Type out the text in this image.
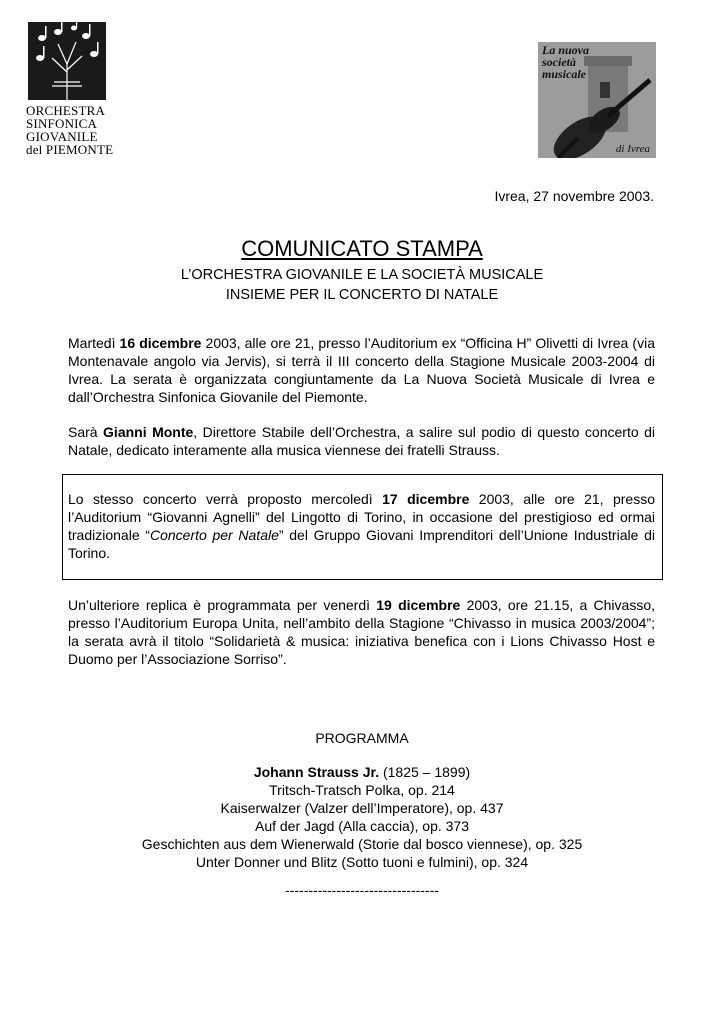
ORCHESTRA
SINFONICA
GIOVANILE
del PIEMONTE
La nuova
società
musicale
di Ivrea
Ivrea, 27 novembre 2003.
COMUNICATO STAMPA
L’ORCHESTRA GIOVANILE E LA SOCIETÀ MUSICALE
INSIEME PER IL CONCERTO DI NATALE
Martedì 16 dicembre 2003, alle ore 21, presso l’Auditorium ex “Officina H” Olivetti di Ivrea (via Montenavale angolo via Jervis), si terrà il III concerto della Stagione Musicale 2003-2004 di Ivrea. La serata è organizzata congiuntamente da La Nuova Società Musicale di Ivrea e dall’Orchestra Sinfonica Giovanile del Piemonte.
Sarà Gianni Monte, Direttore Stabile dell’Orchestra, a salire sul podio di questo concerto di Natale, dedicato interamente alla musica viennese dei fratelli Strauss.
Lo stesso concerto verrà proposto mercoledì 17 dicembre 2003, alle ore 21, presso l’Auditorium “Giovanni Agnelli” del Lingotto di Torino, in occasione del prestigioso ed ormai tradizionale “Concerto per Natale” del Gruppo Giovani Imprenditori dell’Unione Industriale di Torino.
Un’ulteriore replica è programmata per venerdì 19 dicembre 2003, ore 21.15, a Chivasso, presso l’Auditorium Europa Unita, nell’ambito della Stagione “Chivasso in musica 2003/2004”; la serata avrà il titolo “Solidarietà & musica: iniziativa benefica con i Lions Chivasso Host e Duomo per l’Associazione Sorriso”.
PROGRAMMA
Johann Strauss Jr. (1825 – 1899)
Tritsch-Tratsch Polka, op. 214
Kaiserwalzer (Valzer dell’Imperatore), op. 437
Auf der Jagd (Alla caccia), op. 373
Geschichten aus dem Wienerwald (Storie dal bosco viennese), op. 325
Unter Donner und Blitz (Sotto tuoni e fulmini), op. 324
---------------------------------
